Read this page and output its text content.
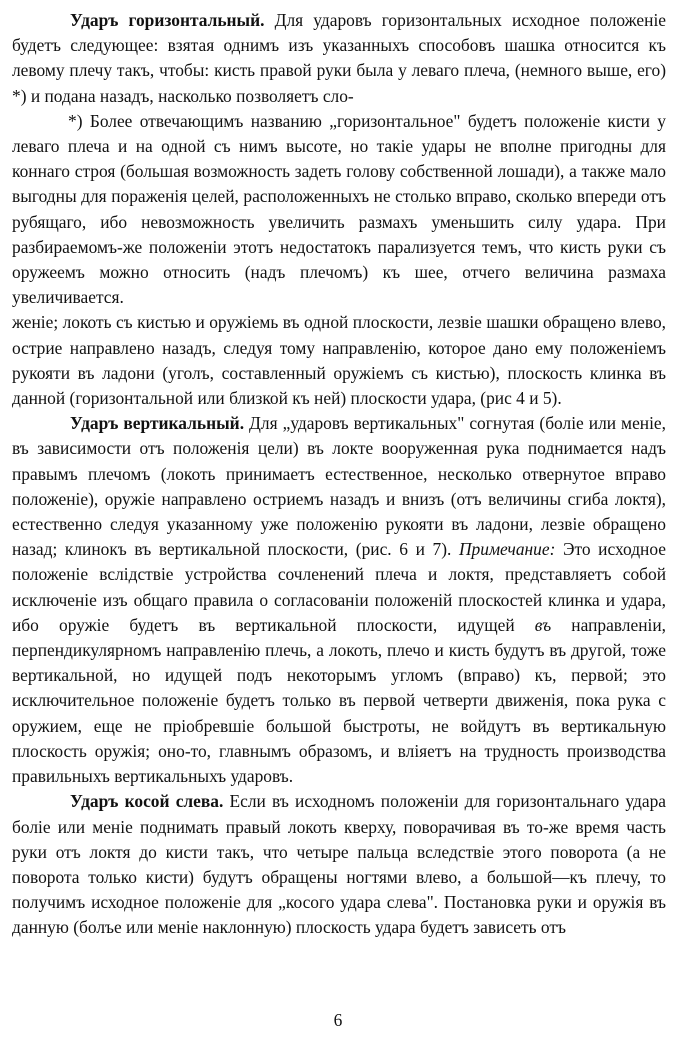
Ударъ горизонтальный. Для ударовъ горизонтальных исходное положеніе будетъ следующее: взятая однимъ изъ указанныхъ способовъ шашка относится къ левому плечу такъ, чтобы: кисть правой руки была у леваго плеча, (немного выше, его) *) и подана назадъ, насколько позволяетъ сло-

*) Более отвечающимъ названию „горизонтальное" будетъ положеніе кисти у леваго плеча и на одной съ нимъ высоте, но такіе удары не вполне пригодны для коннаго строя (большая возможность задеть голову собственной лошади), а также мало выгодны для пораженія целей, расположенныхъ не столько вправо, сколько впереди отъ рубящаго, ибо невозможность увеличить размахъ уменьшить силу удара. При разбираемомъ-же положеніи этотъ недостатокъ парализуется темъ, что кисть руки съ оружеемъ можно относить (надъ плечомъ) къ шее, отчего величина размаха увеличивается.

женіе; локоть съ кистью и оружіемь въ одной плоскости, лезвіе шашки обращено влево, острие направлено назадъ, следуя тому направленію, которое дано ему положеніемъ рукояти въ ладони (уголъ, составленный оружіемъ съ кистью), плоскость клинка въ данной (горизонтальной или близкой къ ней) плоскости удара, (рис 4 и 5).

Ударъ вертикальный. Для „ударовъ вертикальных" согнутая (боліе или меніе, въ зависимости отъ положенія цели) въ локте вооруженная рука поднимается надъ правымъ плечомъ (локоть принимаетъ естественное, несколько отвернутое вправо положеніе), оружіе направлено остриемъ назадъ и внизъ (отъ величины сгиба локтя), естественно следуя указанному уже положенію рукояти въ ладони, лезвіе обращено назад; клинокъ въ вертикальной плоскости, (рис. 6 и 7). Примечание: Это исходное положеніе вслідствіе устройства сочленений плеча и локтя, представляетъ собой исключеніе изъ общаго правила о согласованіи положеній плоскостей клинка и удара, ибо оружіе будетъ въ вертикальной плоскости, идущей въ направленіи, перпендикулярномъ направленію плечь, а локоть, плечо и кисть будутъ въ другой, тоже вертикальной, но идущей подъ некоторымъ угломъ (вправо) къ, первой; это исключительное положеніе будетъ только въ первой четверти движенія, пока рука с оружием, еще не пріобревшіе большой быстроты, не войдутъ въ вертикальную плоскость оружія; оно-то, главнымъ образомъ, и вліяетъ на трудность производства правильныхъ вертикальныхъ ударовъ.

Ударъ косой слева. Если въ исходномъ положеніи для горизонтальнаго удара боліе или меніе поднимать правый локоть кверху, поворачивая въ то-же время часть руки отъ локтя до кисти такъ, что четыре пальца вследствіе этого поворота (а не поворота только кисти) будутъ обращены ногтями влево, а большой—къ плечу, то получимъ исходное положеніе для „косого удара слева". Постановка руки и оружія въ данную (болъе или меніе наклонную) плоскость удара будетъ зависеть отъ

6
